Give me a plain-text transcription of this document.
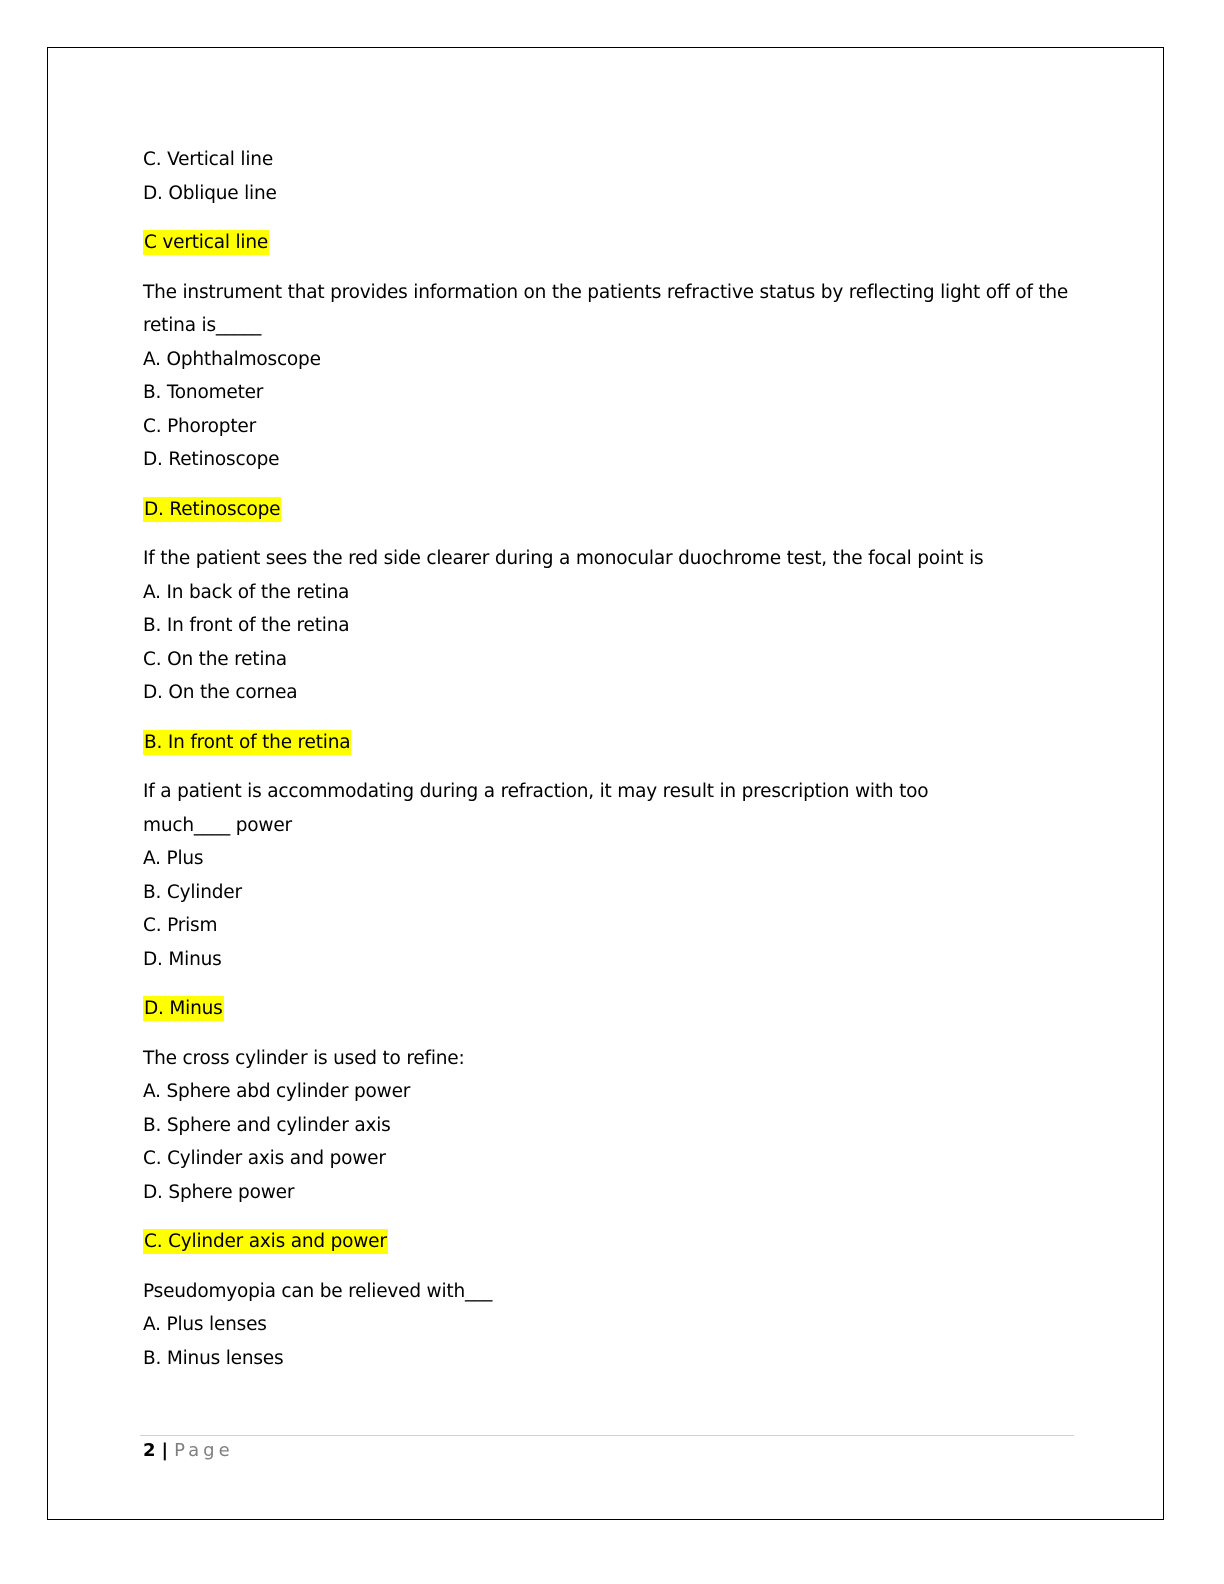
C. Vertical line
D. Oblique line
C vertical line
The instrument that provides information on the patients refractive status by reflecting light off of the retina is_____
A. Ophthalmoscope
B. Tonometer
C. Phoropter
D. Retinoscope
D. Retinoscope
If the patient sees the red side clearer during a monocular duochrome test, the focal point is
A. In back of the retina
B. In front of the retina
C. On the retina
D. On the cornea
B. In front of the retina
If a patient is accommodating during a refraction, it may result in prescription with too much____ power
A. Plus
B. Cylinder
C. Prism
D. Minus
D. Minus
The cross cylinder is used to refine:
A. Sphere abd cylinder power
B. Sphere and cylinder axis
C. Cylinder axis and power
D. Sphere power
C. Cylinder axis and power
Pseudomyopia can be relieved with___
A. Plus lenses
B. Minus lenses
2 | Page
